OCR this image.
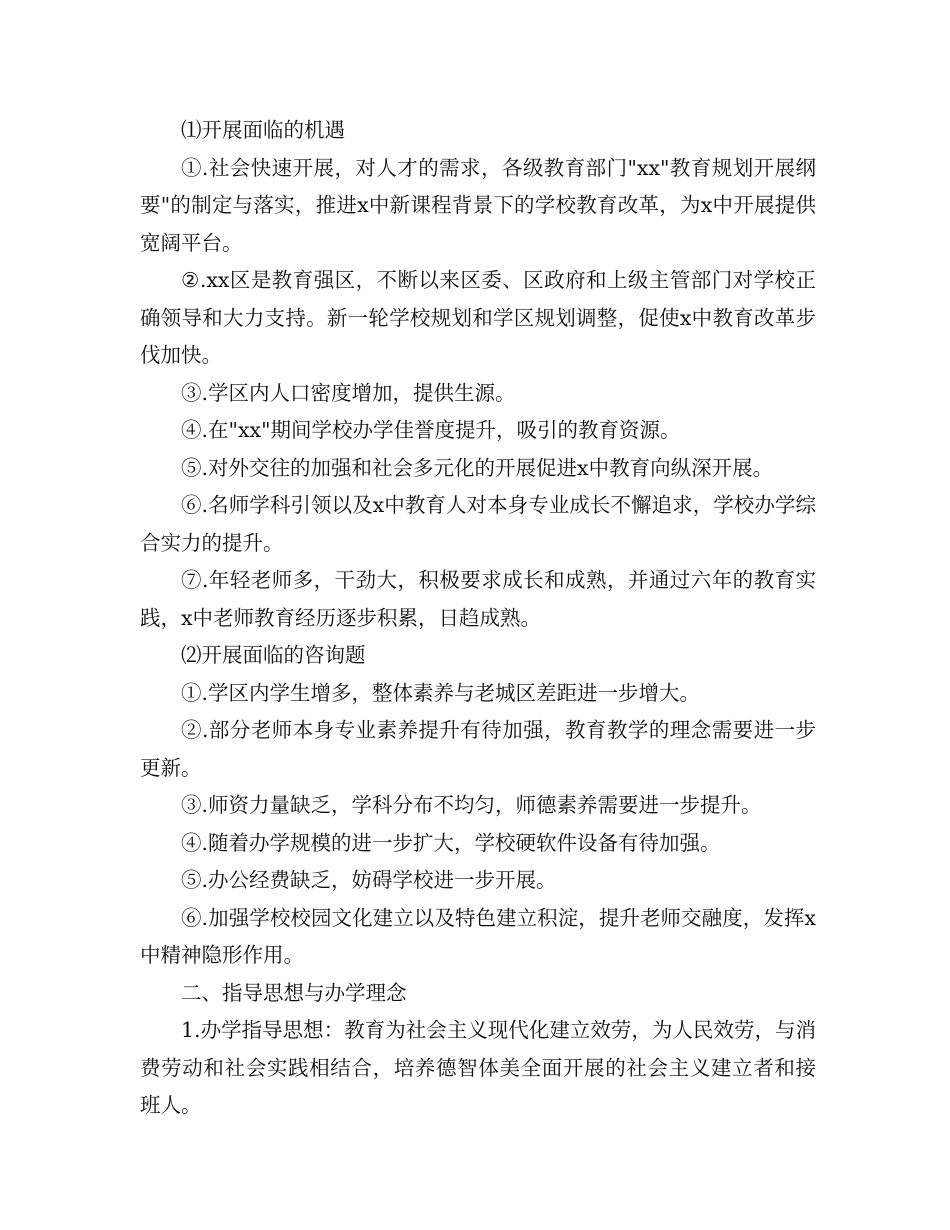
⑴开展面临的机遇

①.社会快速开展，对人才的需求，各级教育部门"xx"教育规划开展纲要"的制定与落实，推进x中新课程背景下的学校教育改革，为x中开展提供宽阔平台。

②.xx区是教育强区，不断以来区委、区政府和上级主管部门对学校正确领导和大力支持。新一轮学校规划和学区规划调整，促使x中教育改革步伐加快。

③.学区内人口密度增加，提供生源。

④.在"xx"期间学校办学佳誉度提升，吸引的教育资源。

⑤.对外交往的加强和社会多元化的开展促进x中教育向纵深开展。

⑥.名师学科引领以及x中教育人对本身专业成长不懈追求，学校办学综合实力的提升。

⑦.年轻老师多，干劲大，积极要求成长和成熟，并通过六年的教育实践，x中老师教育经历逐步积累，日趋成熟。

⑵开展面临的咨询题

①.学区内学生增多，整体素养与老城区差距进一步增大。

②.部分老师本身专业素养提升有待加强，教育教学的理念需要进一步更新。

③.师资力量缺乏，学科分布不均匀，师德素养需要进一步提升。

④.随着办学规模的进一步扩大，学校硬软件设备有待加强。

⑤.办公经费缺乏，妨碍学校进一步开展。

⑥.加强学校校园文化建立以及特色建立积淀，提升老师交融度，发挥x中精神隐形作用。

二、指导思想与办学理念

1.办学指导思想：教育为社会主义现代化建立效劳，为人民效劳，与消费劳动和社会实践相结合，培养德智体美全面开展的社会主义建立者和接班人。
